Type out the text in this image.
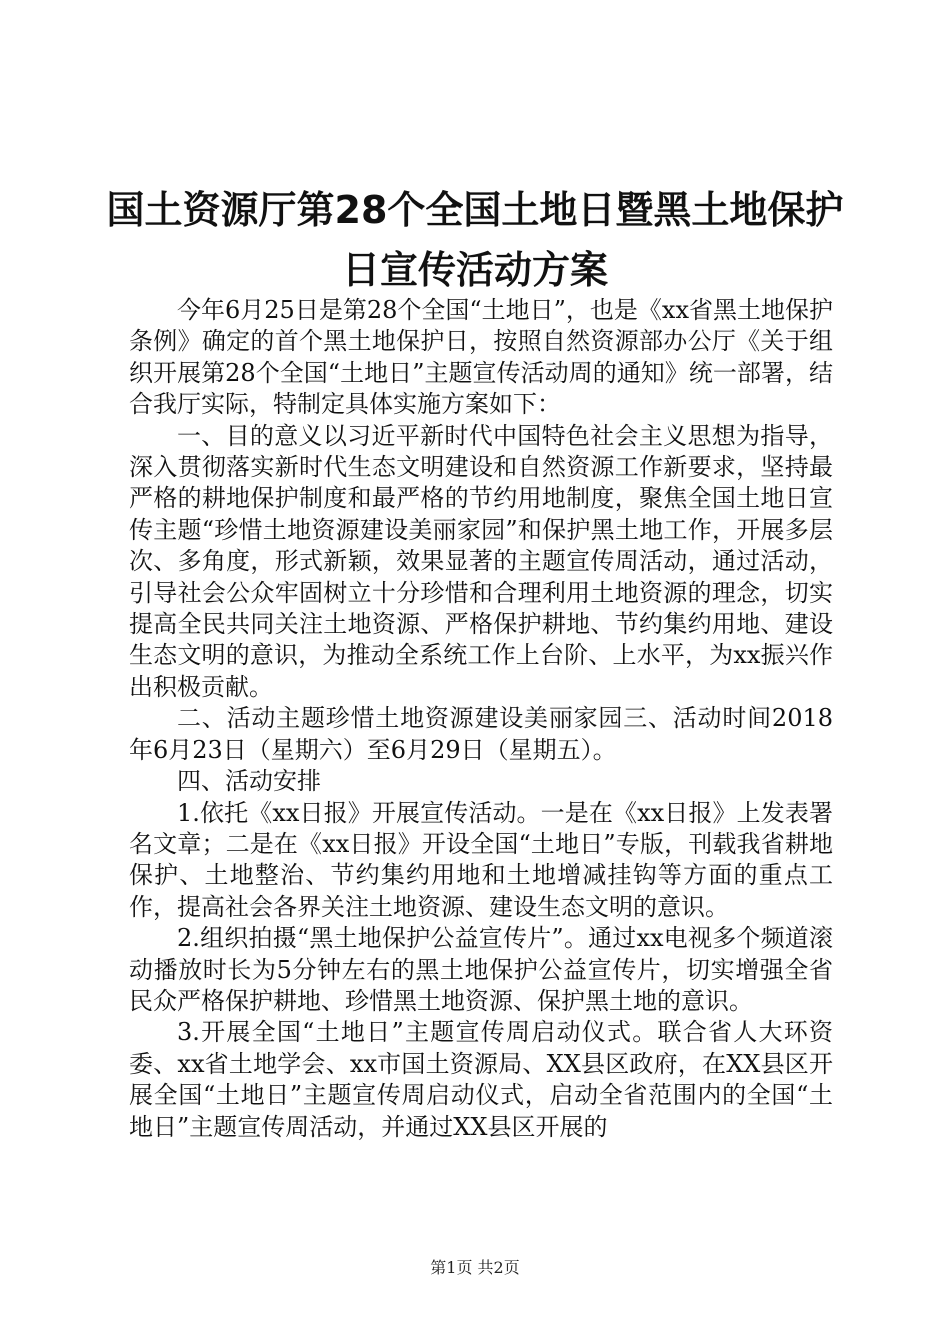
国土资源厅第28个全国土地日暨黑土地保护
日宣传活动方案

今年6月25日是第28个全国“土地日”，也是《xx省黑土地保护条例》确定的首个黑土地保护日，按照自然资源部办公厅《关于组织开展第28个全国“土地日”主题宣传活动周的通知》统一部署，结合我厅实际，特制定具体实施方案如下：

一、目的意义以习近平新时代中国特色社会主义思想为指导，深入贯彻落实新时代生态文明建设和自然资源工作新要求，坚持最严格的耕地保护制度和最严格的节约用地制度，聚焦全国土地日宣传主题“珍惜土地资源建设美丽家园”和保护黑土地工作，开展多层次、多角度，形式新颖，效果显著的主题宣传周活动，通过活动，引导社会公众牢固树立十分珍惜和合理利用土地资源的理念，切实提高全民共同关注土地资源、严格保护耕地、节约集约用地、建设生态文明的意识，为推动全系统工作上台阶、上水平，为xx振兴作出积极贡献。

二、活动主题珍惜土地资源建设美丽家园三、活动时间2018年6月23日（星期六）至6月29日（星期五）。

四、活动安排

1.依托《xx日报》开展宣传活动。一是在《xx日报》上发表署名文章；二是在《xx日报》开设全国“土地日”专版，刊载我省耕地保护、土地整治、节约集约用地和土地增减挂钩等方面的重点工作，提高社会各界关注土地资源、建设生态文明的意识。

2.组织拍摄“黑土地保护公益宣传片”。通过xx电视多个频道滚动播放时长为5分钟左右的黑土地保护公益宣传片，切实增强全省民众严格保护耕地、珍惜黑土地资源、保护黑土地的意识。

3.开展全国“土地日”主题宣传周启动仪式。联合省人大环资委、xx省土地学会、xx市国土资源局、XX县区政府，在XX县区开展全国“土地日”主题宣传周启动仪式，启动全省范围内的全国“土地日”主题宣传周活动，并通过XX县区开展的

第1页 共2页
